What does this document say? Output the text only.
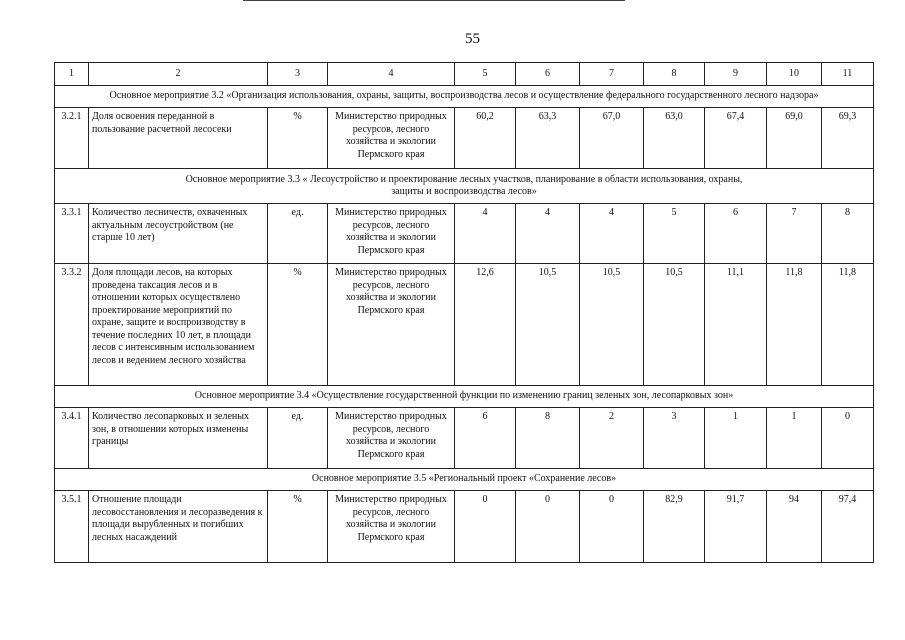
55
1	2	3	4	5	6	7	8	9	10	11
Основное мероприятие 3.2 «Организация использования, охраны, защиты, воспроизводства лесов и осуществление федерального государственного лесного надзора»										
3.2.1	Доля освоения переданной в пользование расчетной лесосеки	%	Министерство природных ресурсов, лесного хозяйства и экологии Пермского края	60,2	63,3	67,0	63,0	67,4	69,0	69,3
Основное мероприятие 3.3 « Лесоустройство и проектирование лесных участков, планирование в области использования, охраны, защиты и воспроизводства лесов»										
3.3.1	Количество лесничеств, охваченных актуальным лесоустройством (не старше 10 лет)	ед.	Министерство природных ресурсов, лесного хозяйства и экологии Пермского края	4	4	4	5	6	7	8
3.3.2	Доля площади лесов, на которых проведена таксация лесов и в отношении которых осуществлено проектирование мероприятий по охране, защите и воспроизводству в течение последних 10 лет, в площади лесов с интенсивным использованием лесов и ведением лесного хозяйства	%	Министерство природных ресурсов, лесного хозяйства и экологии Пермского края	12,6	10,5	10,5	10,5	11,1	11,8	11,8
Основное мероприятие 3.4 «Осуществление государственной функции по изменению границ зеленых зон, лесопарковых зон»										
3.4.1	Количество лесопарковых и зеленых зон, в отношении которых изменены границы	ед.	Министерство природных ресурсов, лесного хозяйства и экологии Пермского края	6	8	2	3	1	1	0
Основное мероприятие 3.5 «Региональный проект «Сохранение лесов»										
3.5.1	Отношение площади лесовосстановления и лесоразведения к площади вырубленных и погибших лесных насаждений	%	Министерство природных ресурсов, лесного хозяйства и экологии Пермского края	0	0	0	82,9	91,7	94	97,4
